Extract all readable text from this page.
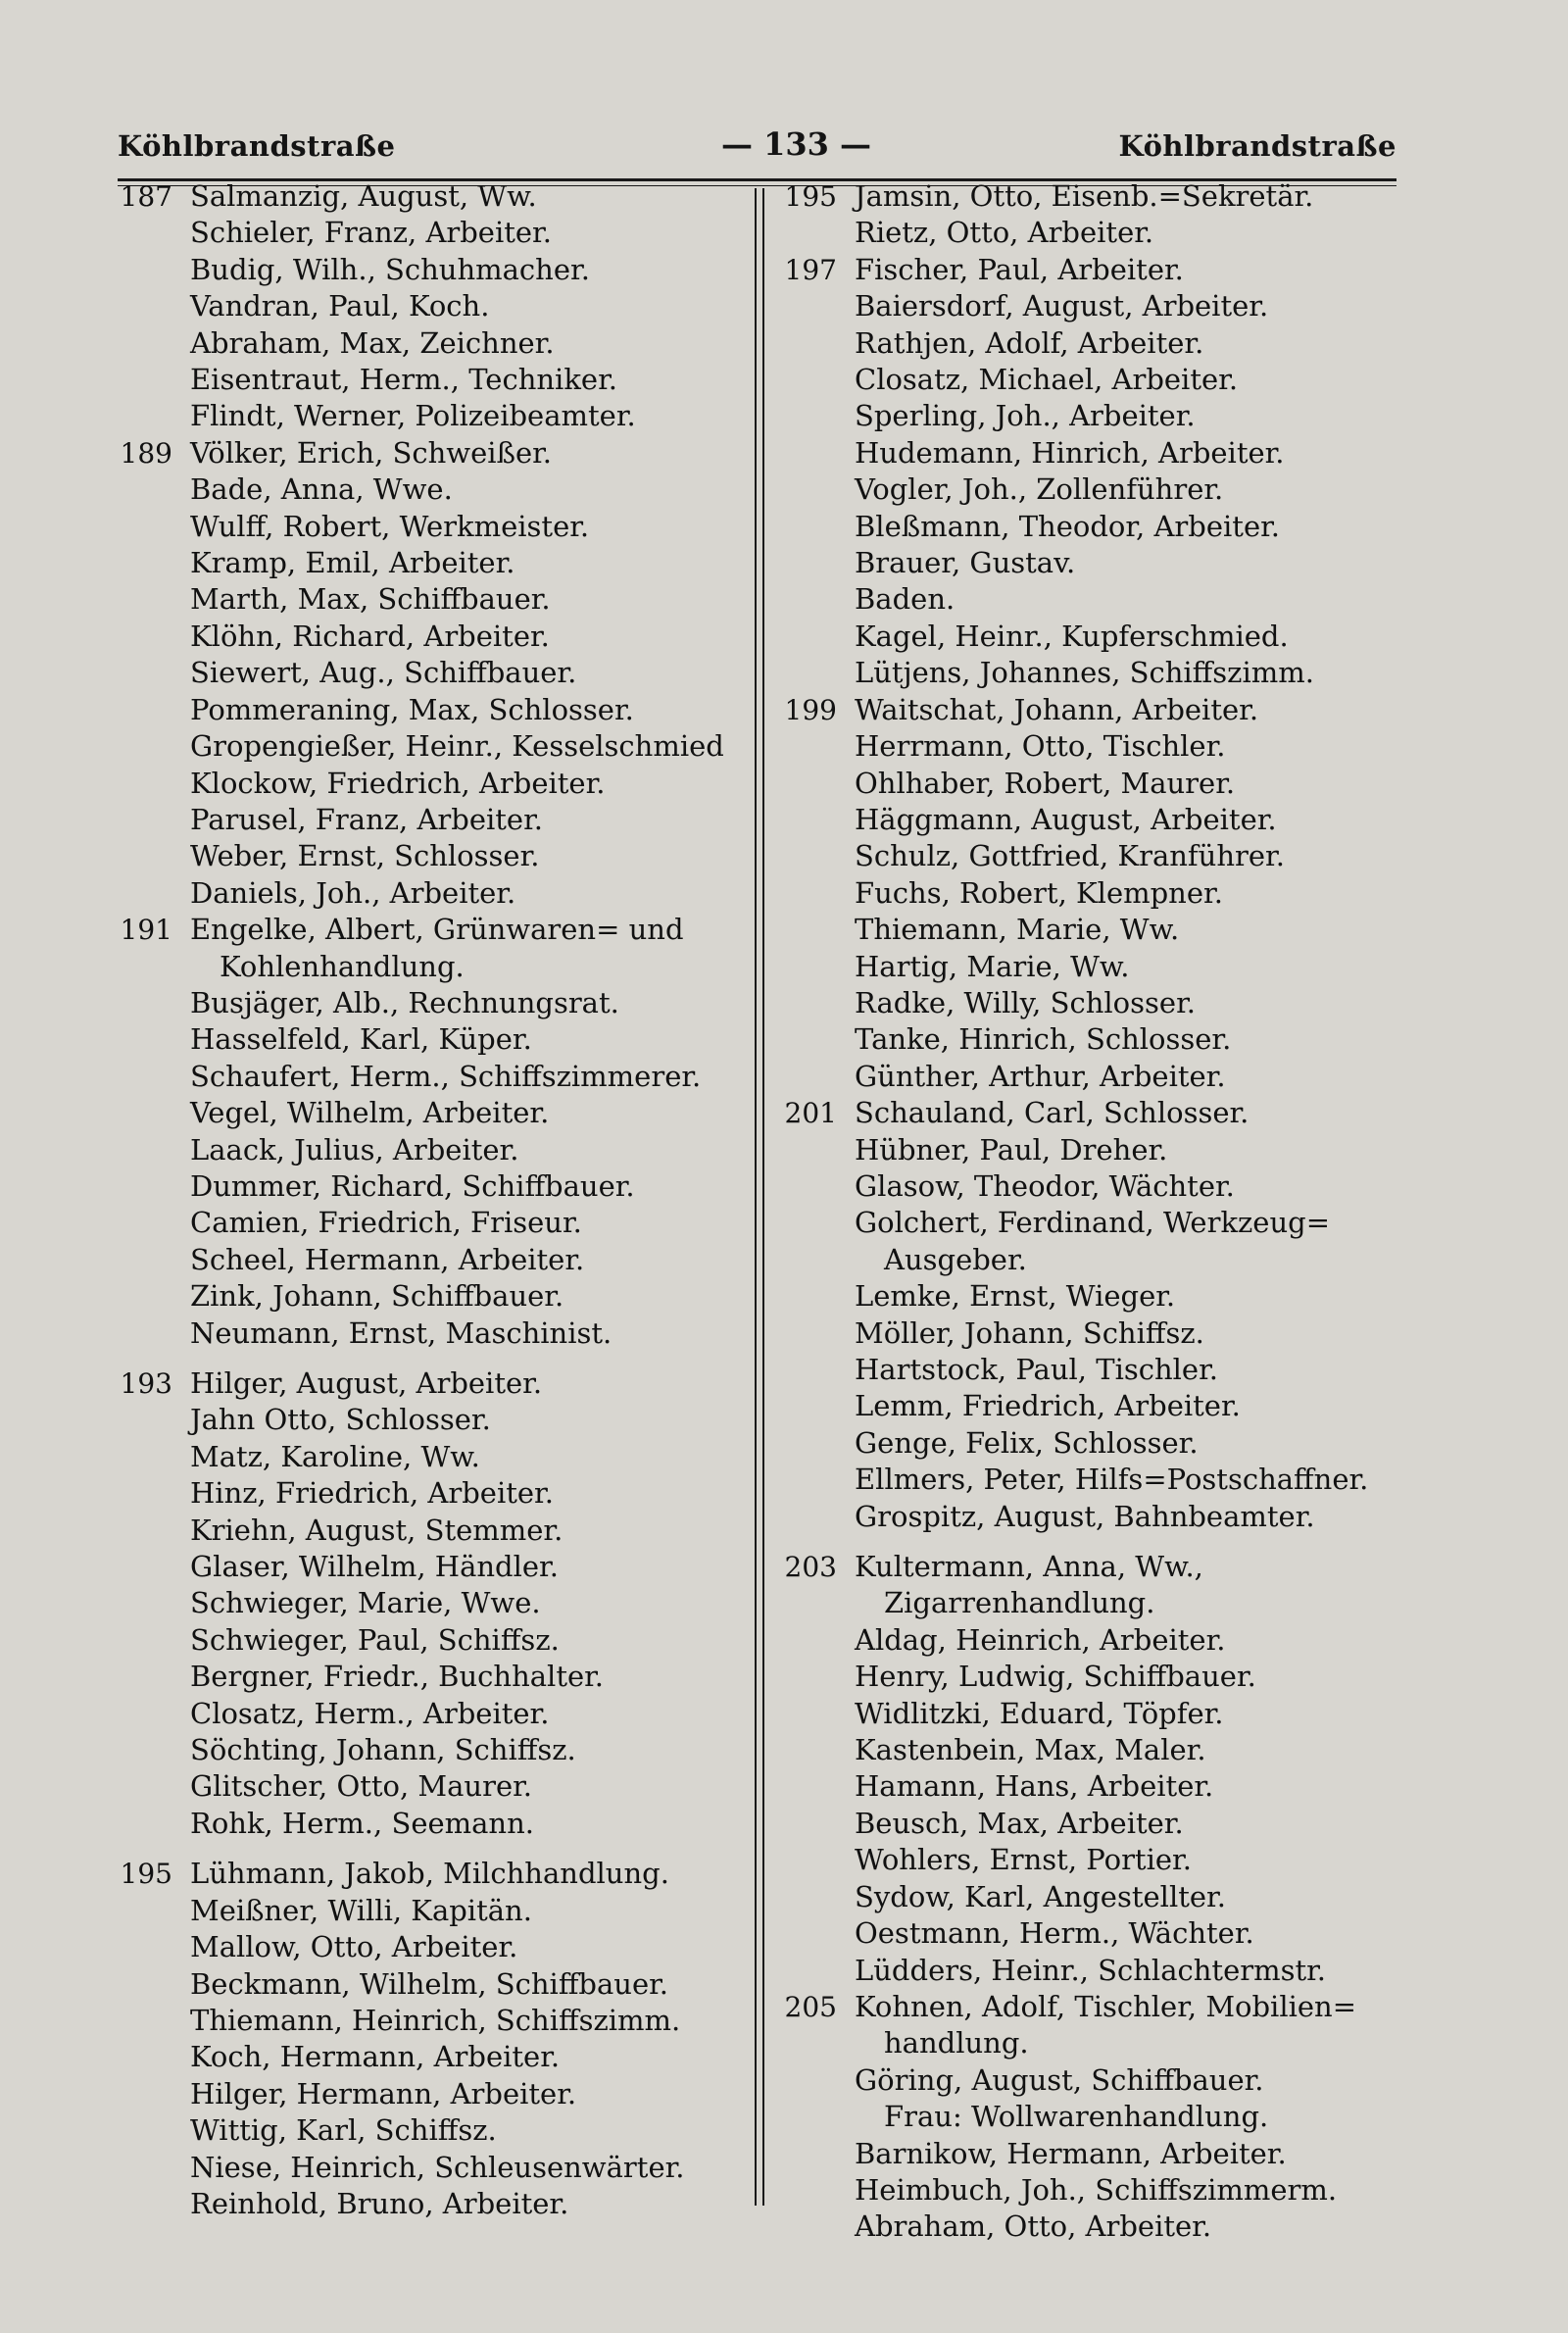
Köhlbrandstraße	— 133 —	Köhlbrandstraße
187 Salmanzig, August, Ww.
Schieler, Franz, Arbeiter.
Budig, Wilh., Schuhmacher.
Vandran, Paul, Koch.
Abraham, Max, Zeichner.
Eisentraut, Herm., Techniker.
Flindt, Werner, Polizeibeamter.
189 Völker, Erich, Schweißer.
Bade, Anna, Wwe.
Wulff, Robert, Werkmeister.
Kramp, Emil, Arbeiter.
Marth, Max, Schiffbauer.
Klöhn, Richard, Arbeiter.
Siewert, Aug., Schiffbauer.
Pommeraning, Max, Schlosser.
Gropengießer, Heinr., Kesselschmied
Klockow, Friedrich, Arbeiter.
Parusel, Franz, Arbeiter.
Weber, Ernst, Schlosser.
Daniels, Joh., Arbeiter.
191 Engelke, Albert, Grünwaren= und
Kohlenhandlung.
Busjäger, Alb., Rechnungsrat.
Hasselfeld, Karl, Küper.
Schaufert, Herm., Schiffszimmerer.
Vegel, Wilhelm, Arbeiter.
Laack, Julius, Arbeiter.
Dummer, Richard, Schiffbauer.
Camien, Friedrich, Friseur.
Scheel, Hermann, Arbeiter.
Zink, Johann, Schiffbauer.
Neumann, Ernst, Maschinist.
193 Hilger, August, Arbeiter.
Jahn Otto, Schlosser.
Matz, Karoline, Ww.
Hinz, Friedrich, Arbeiter.
Kriehn, August, Stemmer.
Glaser, Wilhelm, Händler.
Schwieger, Marie, Wwe.
Schwieger, Paul, Schiffsz.
Bergner, Friedr., Buchhalter.
Closatz, Herm., Arbeiter.
Söchting, Johann, Schiffsz.
Glitscher, Otto, Maurer.
Rohk, Herm., Seemann.
195 Lühmann, Jakob, Milchhandlung.
Meißner, Willi, Kapitän.
Mallow, Otto, Arbeiter.
Beckmann, Wilhelm, Schiffbauer.
Thiemann, Heinrich, Schiffszimm.
Koch, Hermann, Arbeiter.
Hilger, Hermann, Arbeiter.
Wittig, Karl, Schiffsz.
Niese, Heinrich, Schleusenwärter.
Reinhold, Bruno, Arbeiter.
195 Jamsin, Otto, Eisenb.=Sekretär.
Rietz, Otto, Arbeiter.
197 Fischer, Paul, Arbeiter.
Baiersdorf, August, Arbeiter.
Rathjen, Adolf, Arbeiter.
Closatz, Michael, Arbeiter.
Sperling, Joh., Arbeiter.
Hudemann, Hinrich, Arbeiter.
Vogler, Joh., Zollenführer.
Bleßmann, Theodor, Arbeiter.
Brauer, Gustav.
Baden.
Kagel, Heinr., Kupferschmied.
Lütjens, Johannes, Schiffszimm.
199 Waitschat, Johann, Arbeiter.
Herrmann, Otto, Tischler.
Ohlhaber, Robert, Maurer.
Häggmann, August, Arbeiter.
Schulz, Gottfried, Kranführer.
Fuchs, Robert, Klempner.
Thiemann, Marie, Ww.
Hartig, Marie, Ww.
Radke, Willy, Schlosser.
Tanke, Hinrich, Schlosser.
Günther, Arthur, Arbeiter.
201 Schauland, Carl, Schlosser.
Hübner, Paul, Dreher.
Glasow, Theodor, Wächter.
Golchert, Ferdinand, Werkzeug=
Ausgeber.
Lemke, Ernst, Wieger.
Möller, Johann, Schiffsz.
Hartstock, Paul, Tischler.
Lemm, Friedrich, Arbeiter.
Genge, Felix, Schlosser.
Ellmers, Peter, Hilfs=Postschaffner.
Grospitz, August, Bahnbeamter.
203 Kultermann, Anna, Ww.,
Zigarrenhandlung.
Aldag, Heinrich, Arbeiter.
Henry, Ludwig, Schiffbauer.
Widlitzki, Eduard, Töpfer.
Kastenbein, Max, Maler.
Hamann, Hans, Arbeiter.
Beusch, Max, Arbeiter.
Wohlers, Ernst, Portier.
Sydow, Karl, Angestellter.
Oestmann, Herm., Wächter.
Lüdders, Heinr., Schlachtermstr.
205 Kohnen, Adolf, Tischler, Mobilien=
handlung.
Göring, August, Schiffbauer.
Frau: Wollwarenhandlung.
Barnikow, Hermann, Arbeiter.
Heimbuch, Joh., Schiffszimmerm.
Abraham, Otto, Arbeiter.
